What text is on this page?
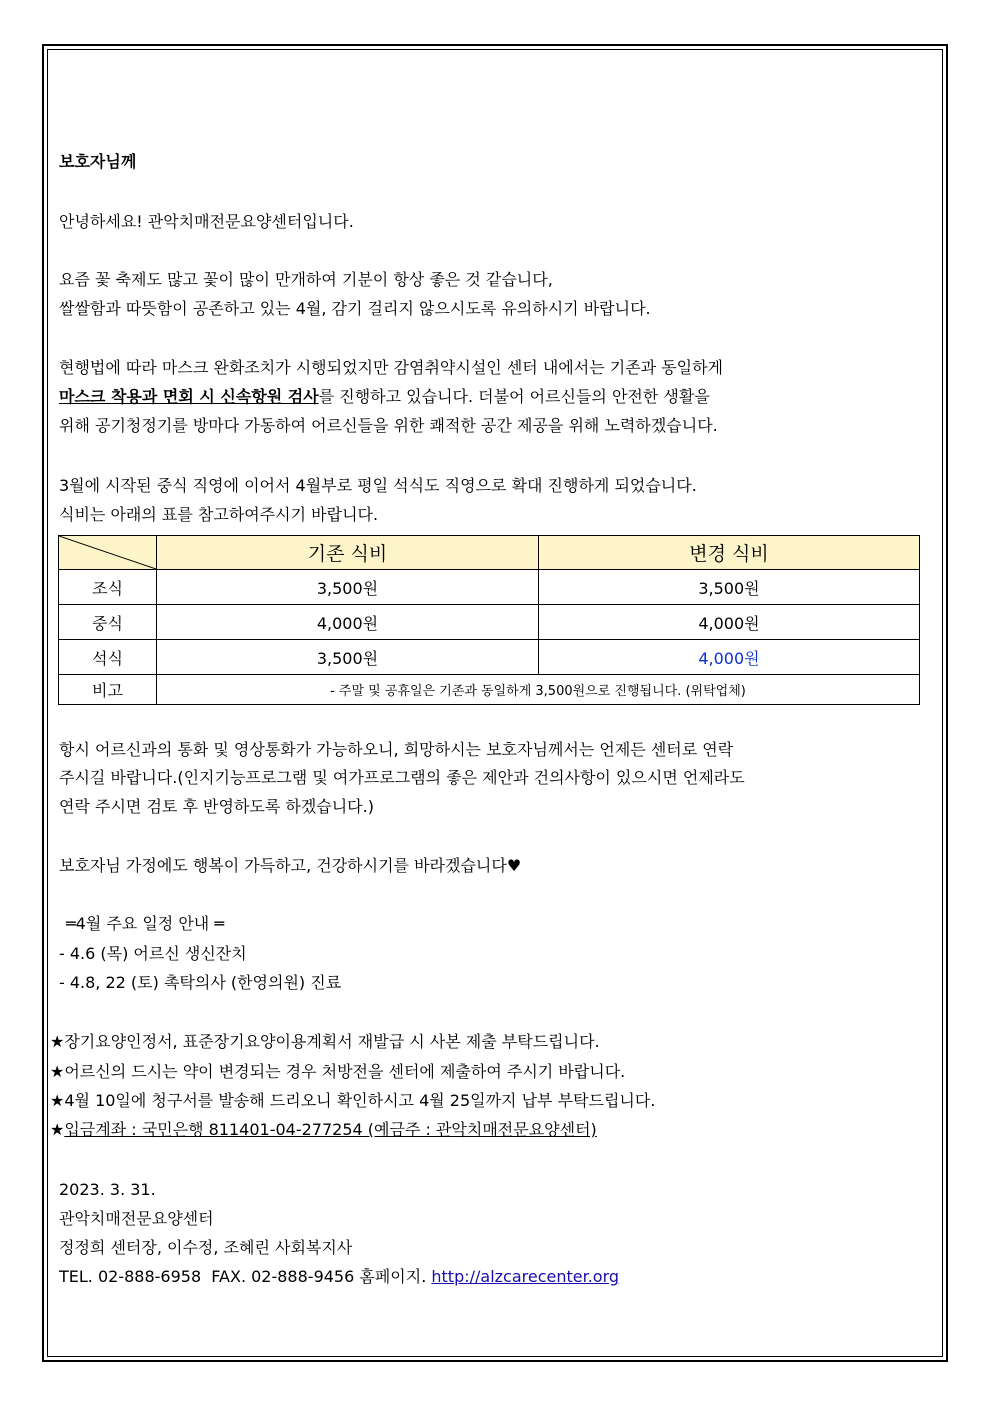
보호자님께
안녕하세요! 관악치매전문요양센터입니다.
요즘 꽃 축제도 많고 꽃이 많이 만개하여 기분이 항상 좋은 것 같습니다,
쌀쌀함과 따뜻함이 공존하고 있는 4월, 감기 걸리지 않으시도록 유의하시기 바랍니다.
현행법에 따라 마스크 완화조치가 시행되었지만 감염취약시설인 센터 내에서는 기존과 동일하게
마스크 착용과 면회 시 신속항원 검사를 진행하고 있습니다. 더불어 어르신들의 안전한 생활을
위해 공기청정기를 방마다 가동하여 어르신들을 위한 쾌적한 공간 제공을 위해 노력하겠습니다.
3월에 시작된 중식 직영에 이어서 4월부로 평일 석식도 직영으로 확대 진행하게 되었습니다.
식비는 아래의 표를 참고하여주시기 바랍니다.
	기존 식비	변경 식비
조식	3,500원	3,500원
중식	4,000원	4,000원
석식	3,500원	4,000원
비고	- 주말 및 공휴일은 기존과 동일하게 3,500원으로 진행됩니다. (위탁업체)	
항시 어르신과의 통화 및 영상통화가 가능하오니, 희망하시는 보호자님께서는 언제든 센터로 연락
주시길 바랍니다.(인지기능프로그램 및 여가프로그램의 좋은 제안과 건의사항이 있으시면 언제라도
연락 주시면 검토 후 반영하도록 하겠습니다.)
보호자님 가정에도 행복이 가득하고, 건강하시기를 바라겠습니다♥
═4월 주요 일정 안내 ═
- 4.6 (목) 어르신 생신잔치
- 4.8, 22 (토) 촉탁의사 (한영의원) 진료
★장기요양인정서, 표준장기요양이용계획서 재발급 시 사본 제출 부탁드립니다.
★어르신의 드시는 약이 변경되는 경우 처방전을 센터에 제출하여 주시기 바랍니다.
★4월 10일에 청구서를 발송해 드리오니 확인하시고 4월 25일까지 납부 부탁드립니다.
★입금계좌 : 국민은행 811401-04-277254 (예금주 : 관악치매전문요양센터)
2023. 3. 31.
관악치매전문요양센터
정정희 센터장, 이수정, 조혜린 사회복지사
TEL. 02-888-6958  FAX. 02-888-9456 홈페이지. http://alzcarecenter.org
